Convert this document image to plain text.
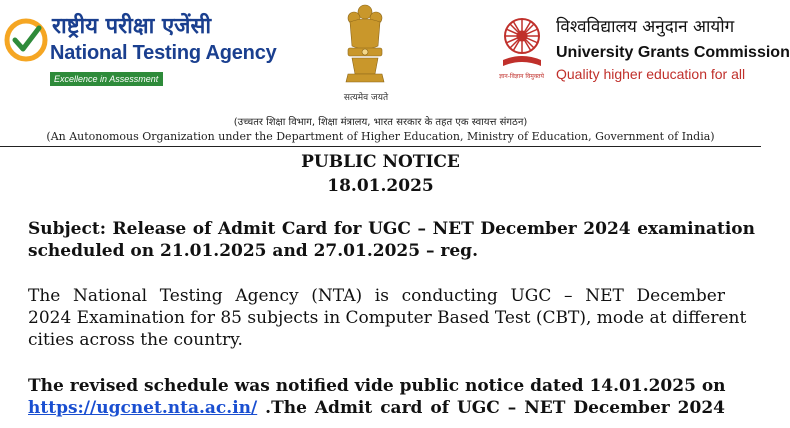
राष्ट्रीय परीक्षा एजेंसी
National Testing Agency
Excellence in Assessment
सत्यमेव जयते
ज्ञान-विज्ञान विमुक्तये
विश्वविद्यालय अनुदान आयोग
University Grants Commission
Quality higher education for all
(उच्चतर शिक्षा विभाग, शिक्षा मंत्रालय, भारत सरकार के तहत एक स्वायत्त संगठन)
(An Autonomous Organization under the Department of Higher Education, Ministry of Education, Government of India)
PUBLIC NOTICE
18.01.2025
Subject: Release of Admit Card for UGC – NET December 2024 examination
scheduled on 21.01.2025 and 27.01.2025 – reg.
The National Testing Agency (NTA) is conducting UGC – NET December
2024 Examination for 85 subjects in Computer Based Test (CBT), mode at different
cities across the country.
The revised schedule was notified vide public notice dated 14.01.2025 on
https://ugcnet.nta.ac.in/ .The Admit card of UGC – NET December 2024
